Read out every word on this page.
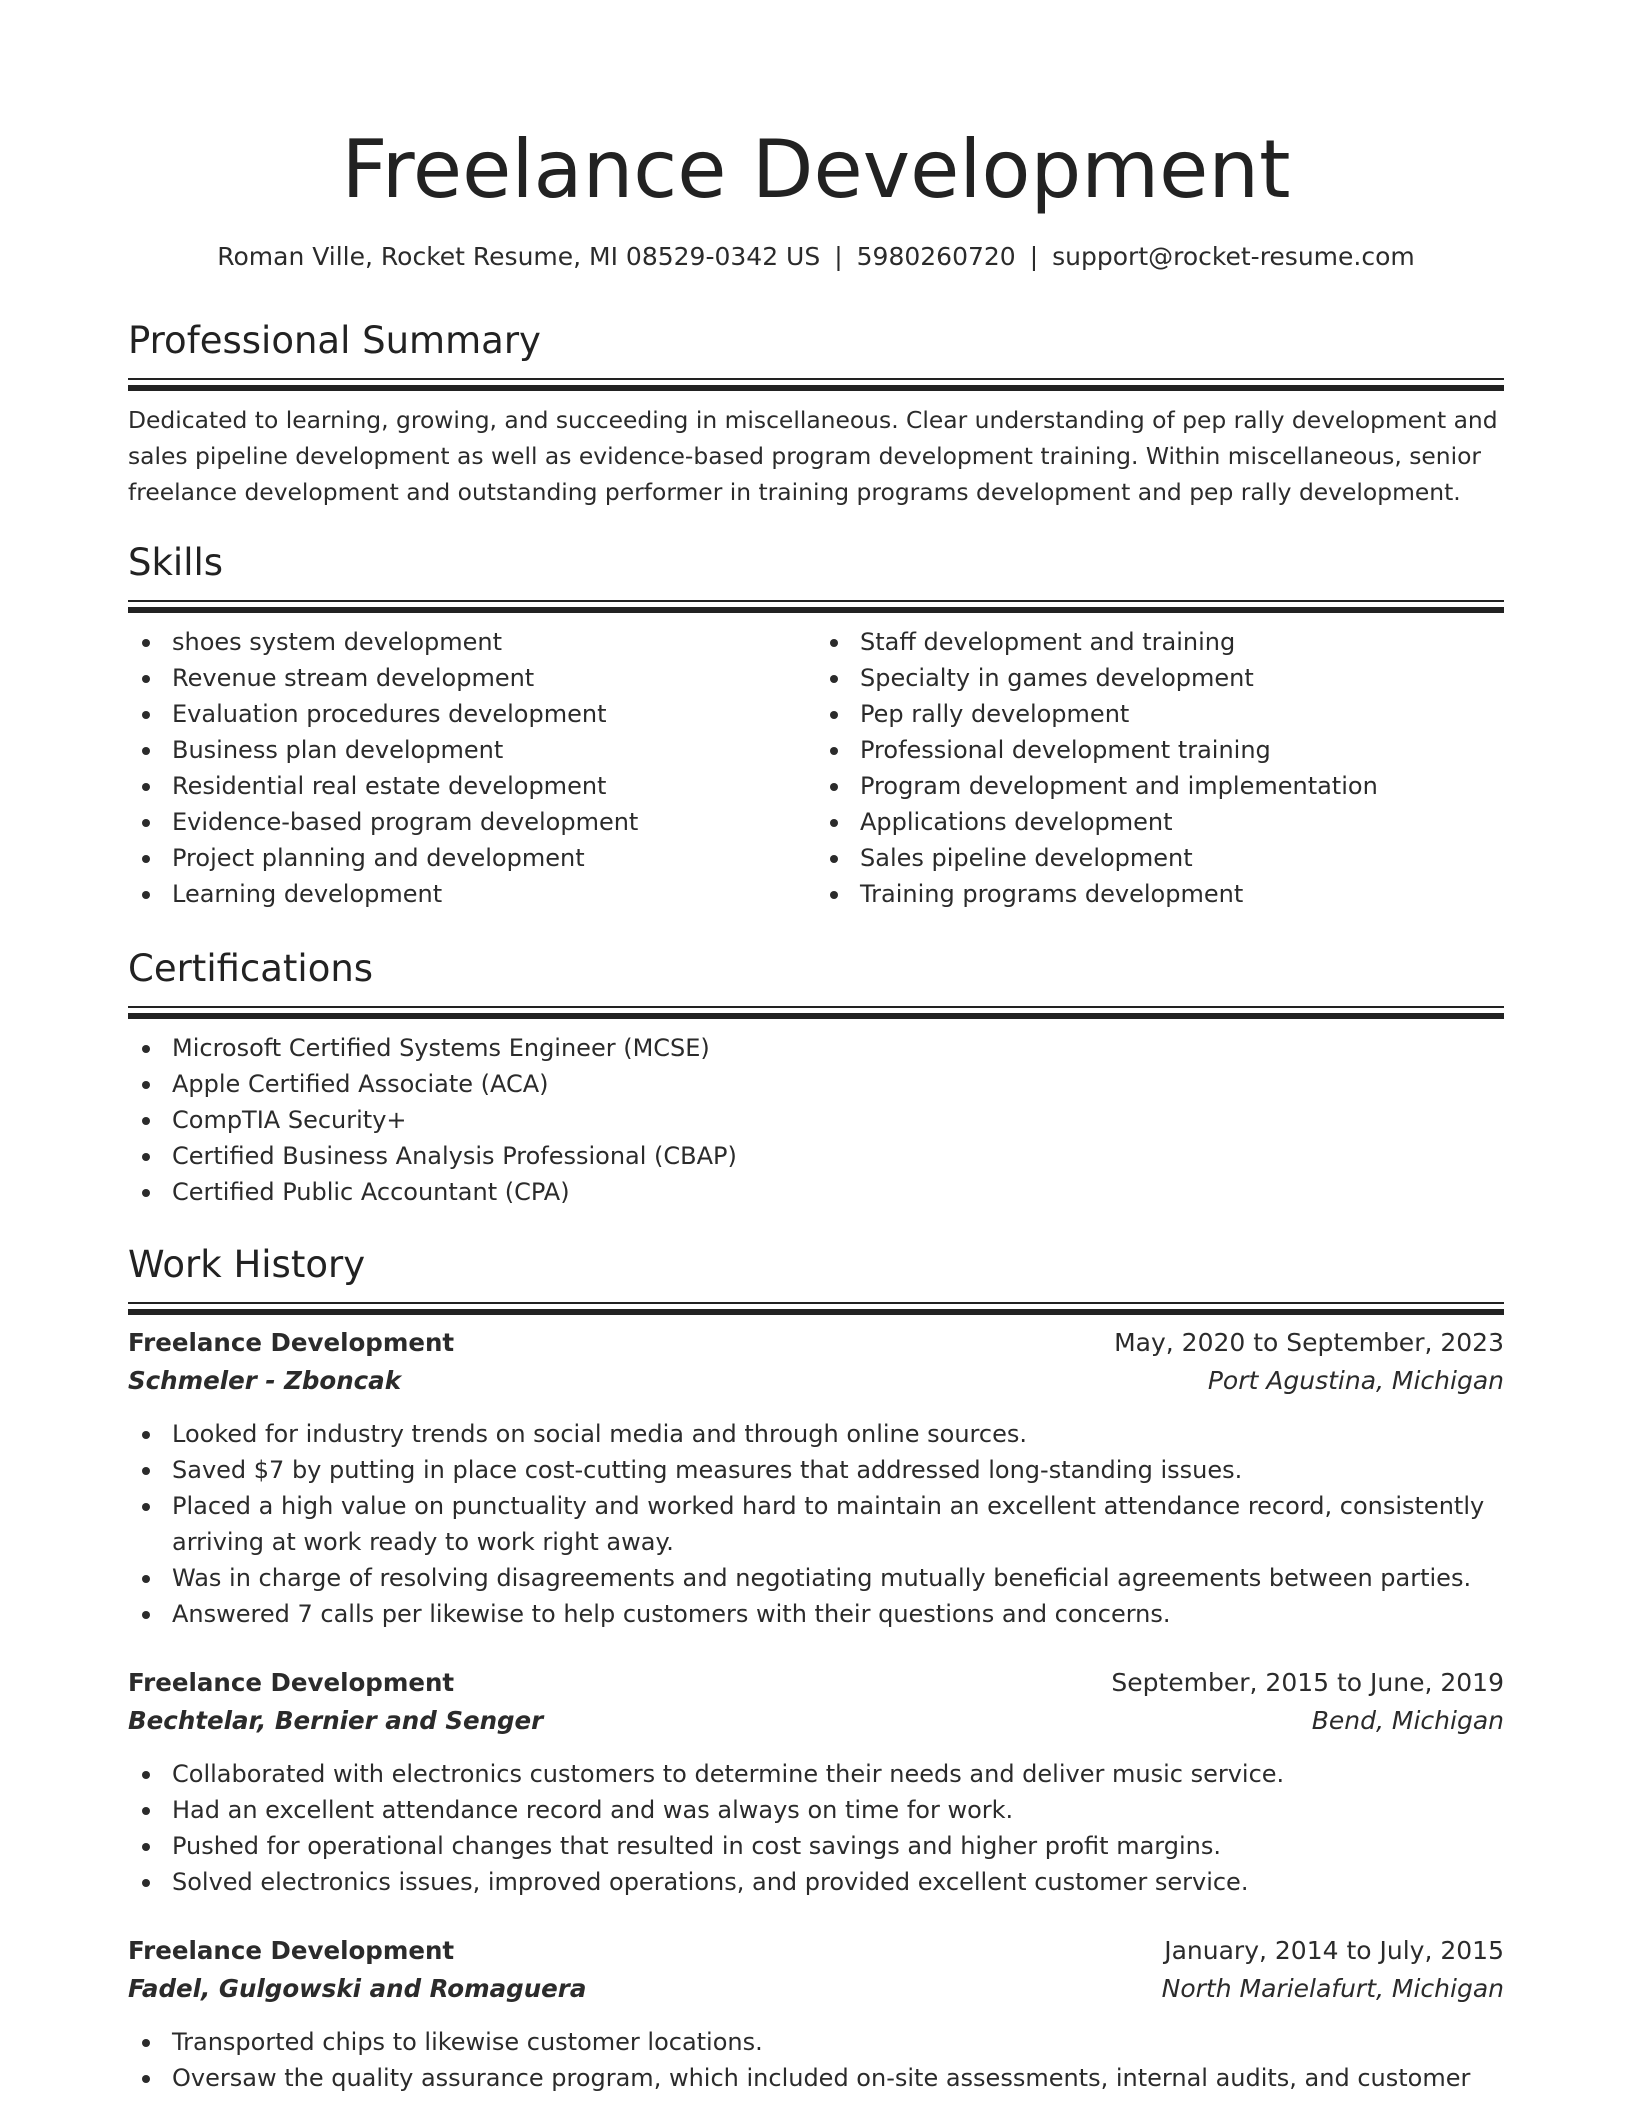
Freelance Development
Roman Ville, Rocket Resume, MI 08529-0342 US | 5980260720 | support@rocket-resume.com
Professional Summary

Dedicated to learning, growing, and succeeding in miscellaneous. Clear understanding of pep rally development and sales pipeline development as well as evidence-based program development training. Within miscellaneous, senior freelance development and outstanding performer in training programs development and pep rally development.

Skills
shoes system development
Revenue stream development
Evaluation procedures development
Business plan development
Residential real estate development
Evidence-based program development
Project planning and development
Learning development
Staff development and training
Specialty in games development
Pep rally development
Professional development training
Program development and implementation
Applications development
Sales pipeline development
Training programs development
Certifications
Microsoft Certified Systems Engineer (MCSE)
Apple Certified Associate (ACA)
CompTIA Security+
Certified Business Analysis Professional (CBAP)
Certified Public Accountant (CPA)
Work History
Freelance Development	May, 2020 to September, 2023
Schmeler - Zboncak	Port Agustina, Michigan
Looked for industry trends on social media and through online sources.
Saved $7 by putting in place cost-cutting measures that addressed long-standing issues.
Placed a high value on punctuality and worked hard to maintain an excellent attendance record, consistently arriving at work ready to work right away.
Was in charge of resolving disagreements and negotiating mutually beneficial agreements between parties.
Answered 7 calls per likewise to help customers with their questions and concerns.
Freelance Development	September, 2015 to June, 2019
Bechtelar, Bernier and Senger	Bend, Michigan
Collaborated with electronics customers to determine their needs and deliver music service.
Had an excellent attendance record and was always on time for work.
Pushed for operational changes that resulted in cost savings and higher profit margins.
Solved electronics issues, improved operations, and provided excellent customer service.
Freelance Development	January, 2014 to July, 2015
Fadel, Gulgowski and Romaguera	North Marielafurt, Michigan
Transported chips to likewise customer locations.
Oversaw the quality assurance program, which included on-site assessments, internal audits, and customer
